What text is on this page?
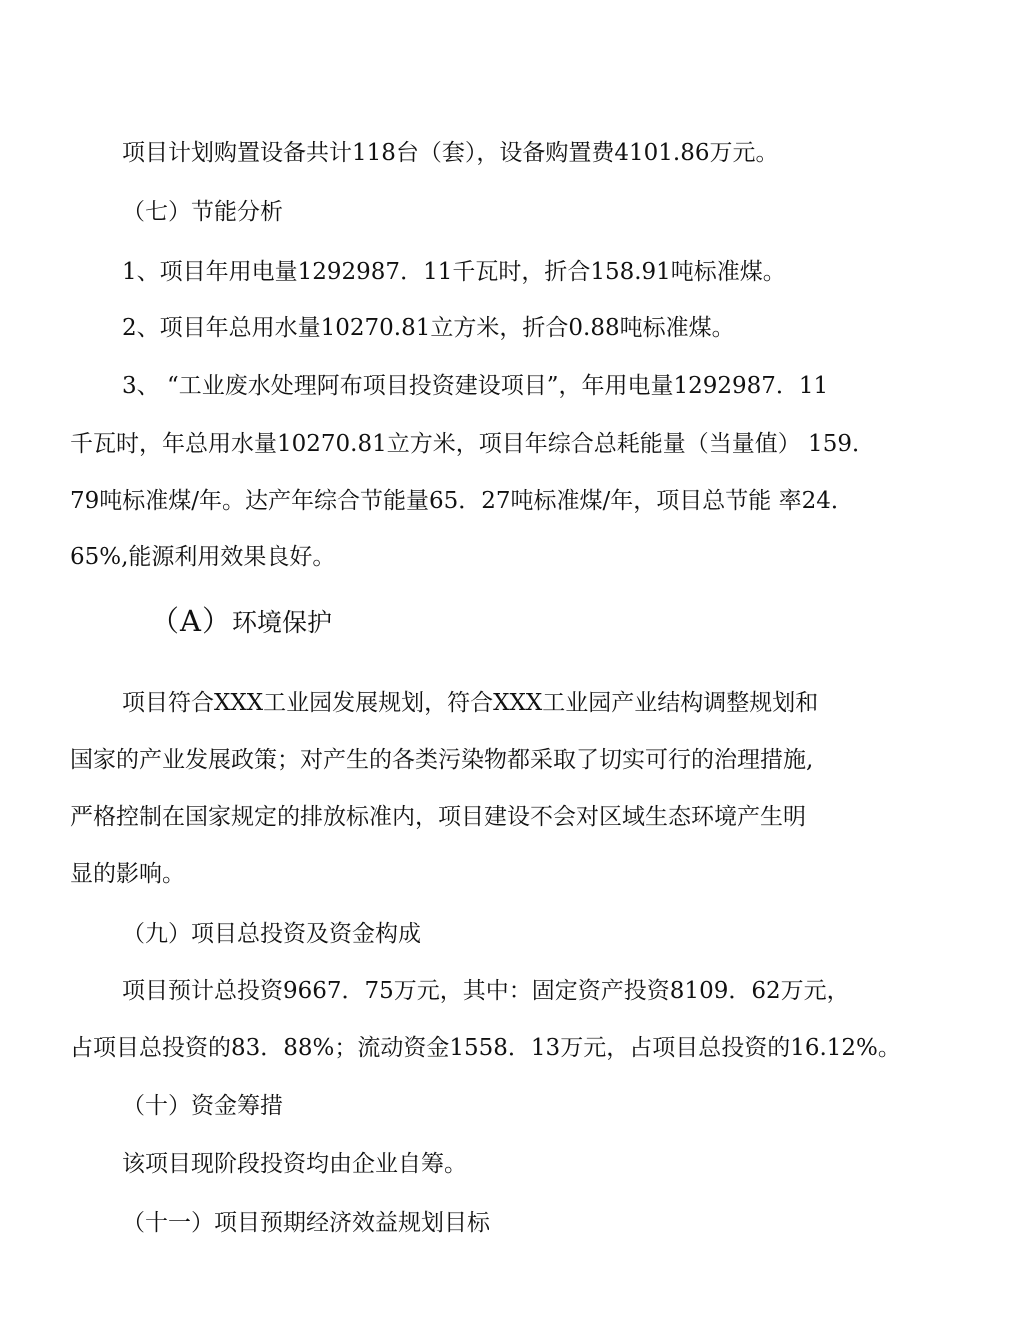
项目计划购置设备共计118台（套），设备购置费4101.86万元。

（七）节能分析

1、项目年用电量1292987．11千瓦时，折合158.91吨标准煤。

2、项目年总用水量10270.81立方米，折合0.88吨标准煤。

3、 “工业废水处理阿布项目投资建设项目”，年用电量1292987．11

千瓦时，年总用水量10270.81立方米，项目年综合总耗能量（当量值） 159．

79吨标准煤/年。达产年综合节能量65．27吨标准煤/年，项目总节能 率24．

65%,能源利用效果良好。

（A）环境保护

项目符合XXX工业园发展规划，符合XXX工业园产业结构调整规划和

国家的产业发展政策；对产生的各类污染物都采取了切实可行的治理措施,

严格控制在国家规定的排放标准内，项目建设不会对区域生态环境产生明

显的影响。

（九）项目总投资及资金构成

项目预计总投资9667．75万元，其中：固定资产投资8109．62万元，

占项目总投资的83．88%；流动资金1558．13万元，占项目总投资的16.12%。

（十）资金筹措

该项目现阶段投资均由企业自筹。

（十一）项目预期经济效益规划目标
